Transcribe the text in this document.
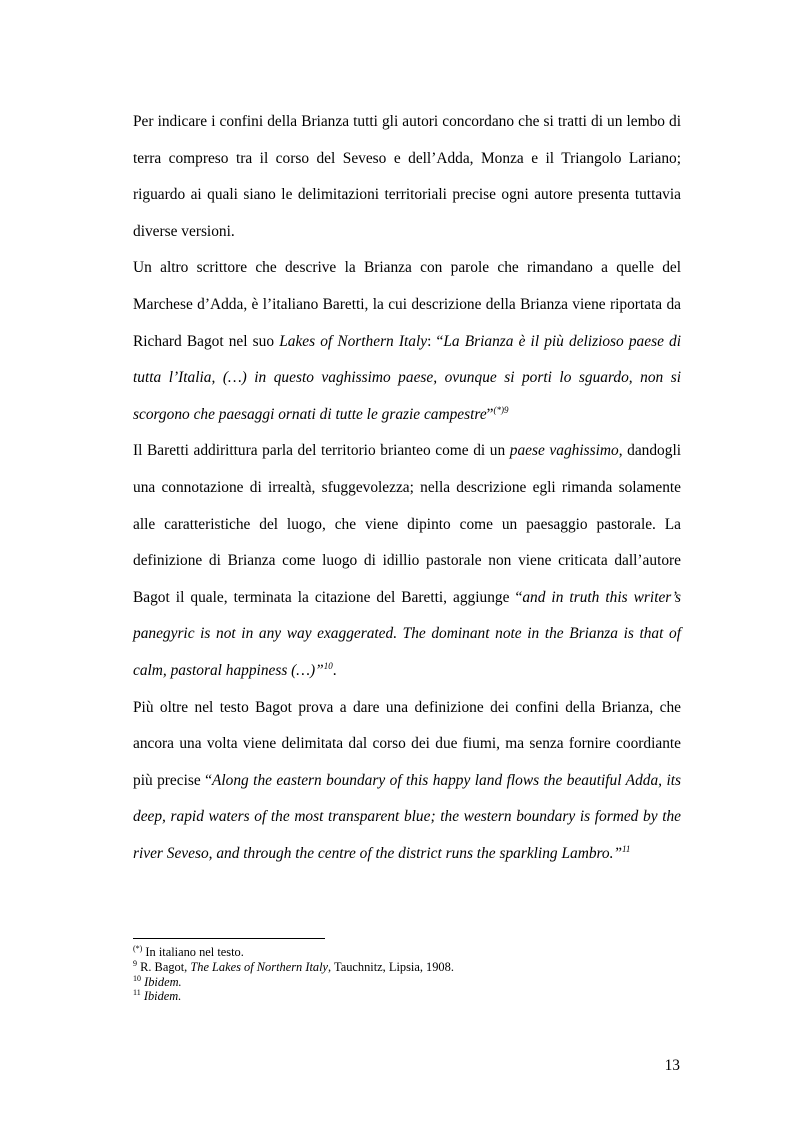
Per indicare i confini della Brianza tutti gli autori concordano che si tratti di un lembo di terra compreso tra il corso del Seveso e dell’Adda, Monza e il Triangolo Lariano; riguardo ai quali siano le delimitazioni territoriali precise ogni autore presenta tuttavia diverse versioni.

Un altro scrittore che descrive la Brianza con parole che rimandano a quelle del Marchese d’Adda, è l’italiano Baretti, la cui descrizione della Brianza viene riportata da Richard Bagot nel suo Lakes of Northern Italy: “La Brianza è il più delizioso paese di tutta l’Italia, (…) in questo vaghissimo paese, ovunque si porti lo sguardo, non si scorgono che paesaggi ornati di tutte le grazie campestre”$^{(*)9}$

Il Baretti addirittura parla del territorio brianteo come di un paese vaghissimo, dandogli una connotazione di irrealtà, sfuggevolezza; nella descrizione egli rimanda solamente alle caratteristiche del luogo, che viene dipinto come un paesaggio pastorale. La definizione di Brianza come luogo di idillio pastorale non viene criticata dall’autore Bagot il quale, terminata la citazione del Baretti, aggiunge “and in truth this writer’s panegyric is not in any way exaggerated. The dominant note in the Brianza is that of calm, pastoral happiness (…)”$^{10}$.

Più oltre nel testo Bagot prova a dare una definizione dei confini della Brianza, che ancora una volta viene delimitata dal corso dei due fiumi, ma senza fornire coordiante più precise “Along the eastern boundary of this happy land flows the beautiful Adda, its deep, rapid waters of the most transparent blue; the western boundary is formed by the river Seveso, and through the centre of the district runs the sparkling Lambro.”$^{11}$

(*) In italiano nel testo.

$^9$ R. Bagot, The Lakes of Northern Italy, Tauchnitz, Lipsia, 1908.

$^{10}$ Ibidem.

$^{11}$ Ibidem.

13
